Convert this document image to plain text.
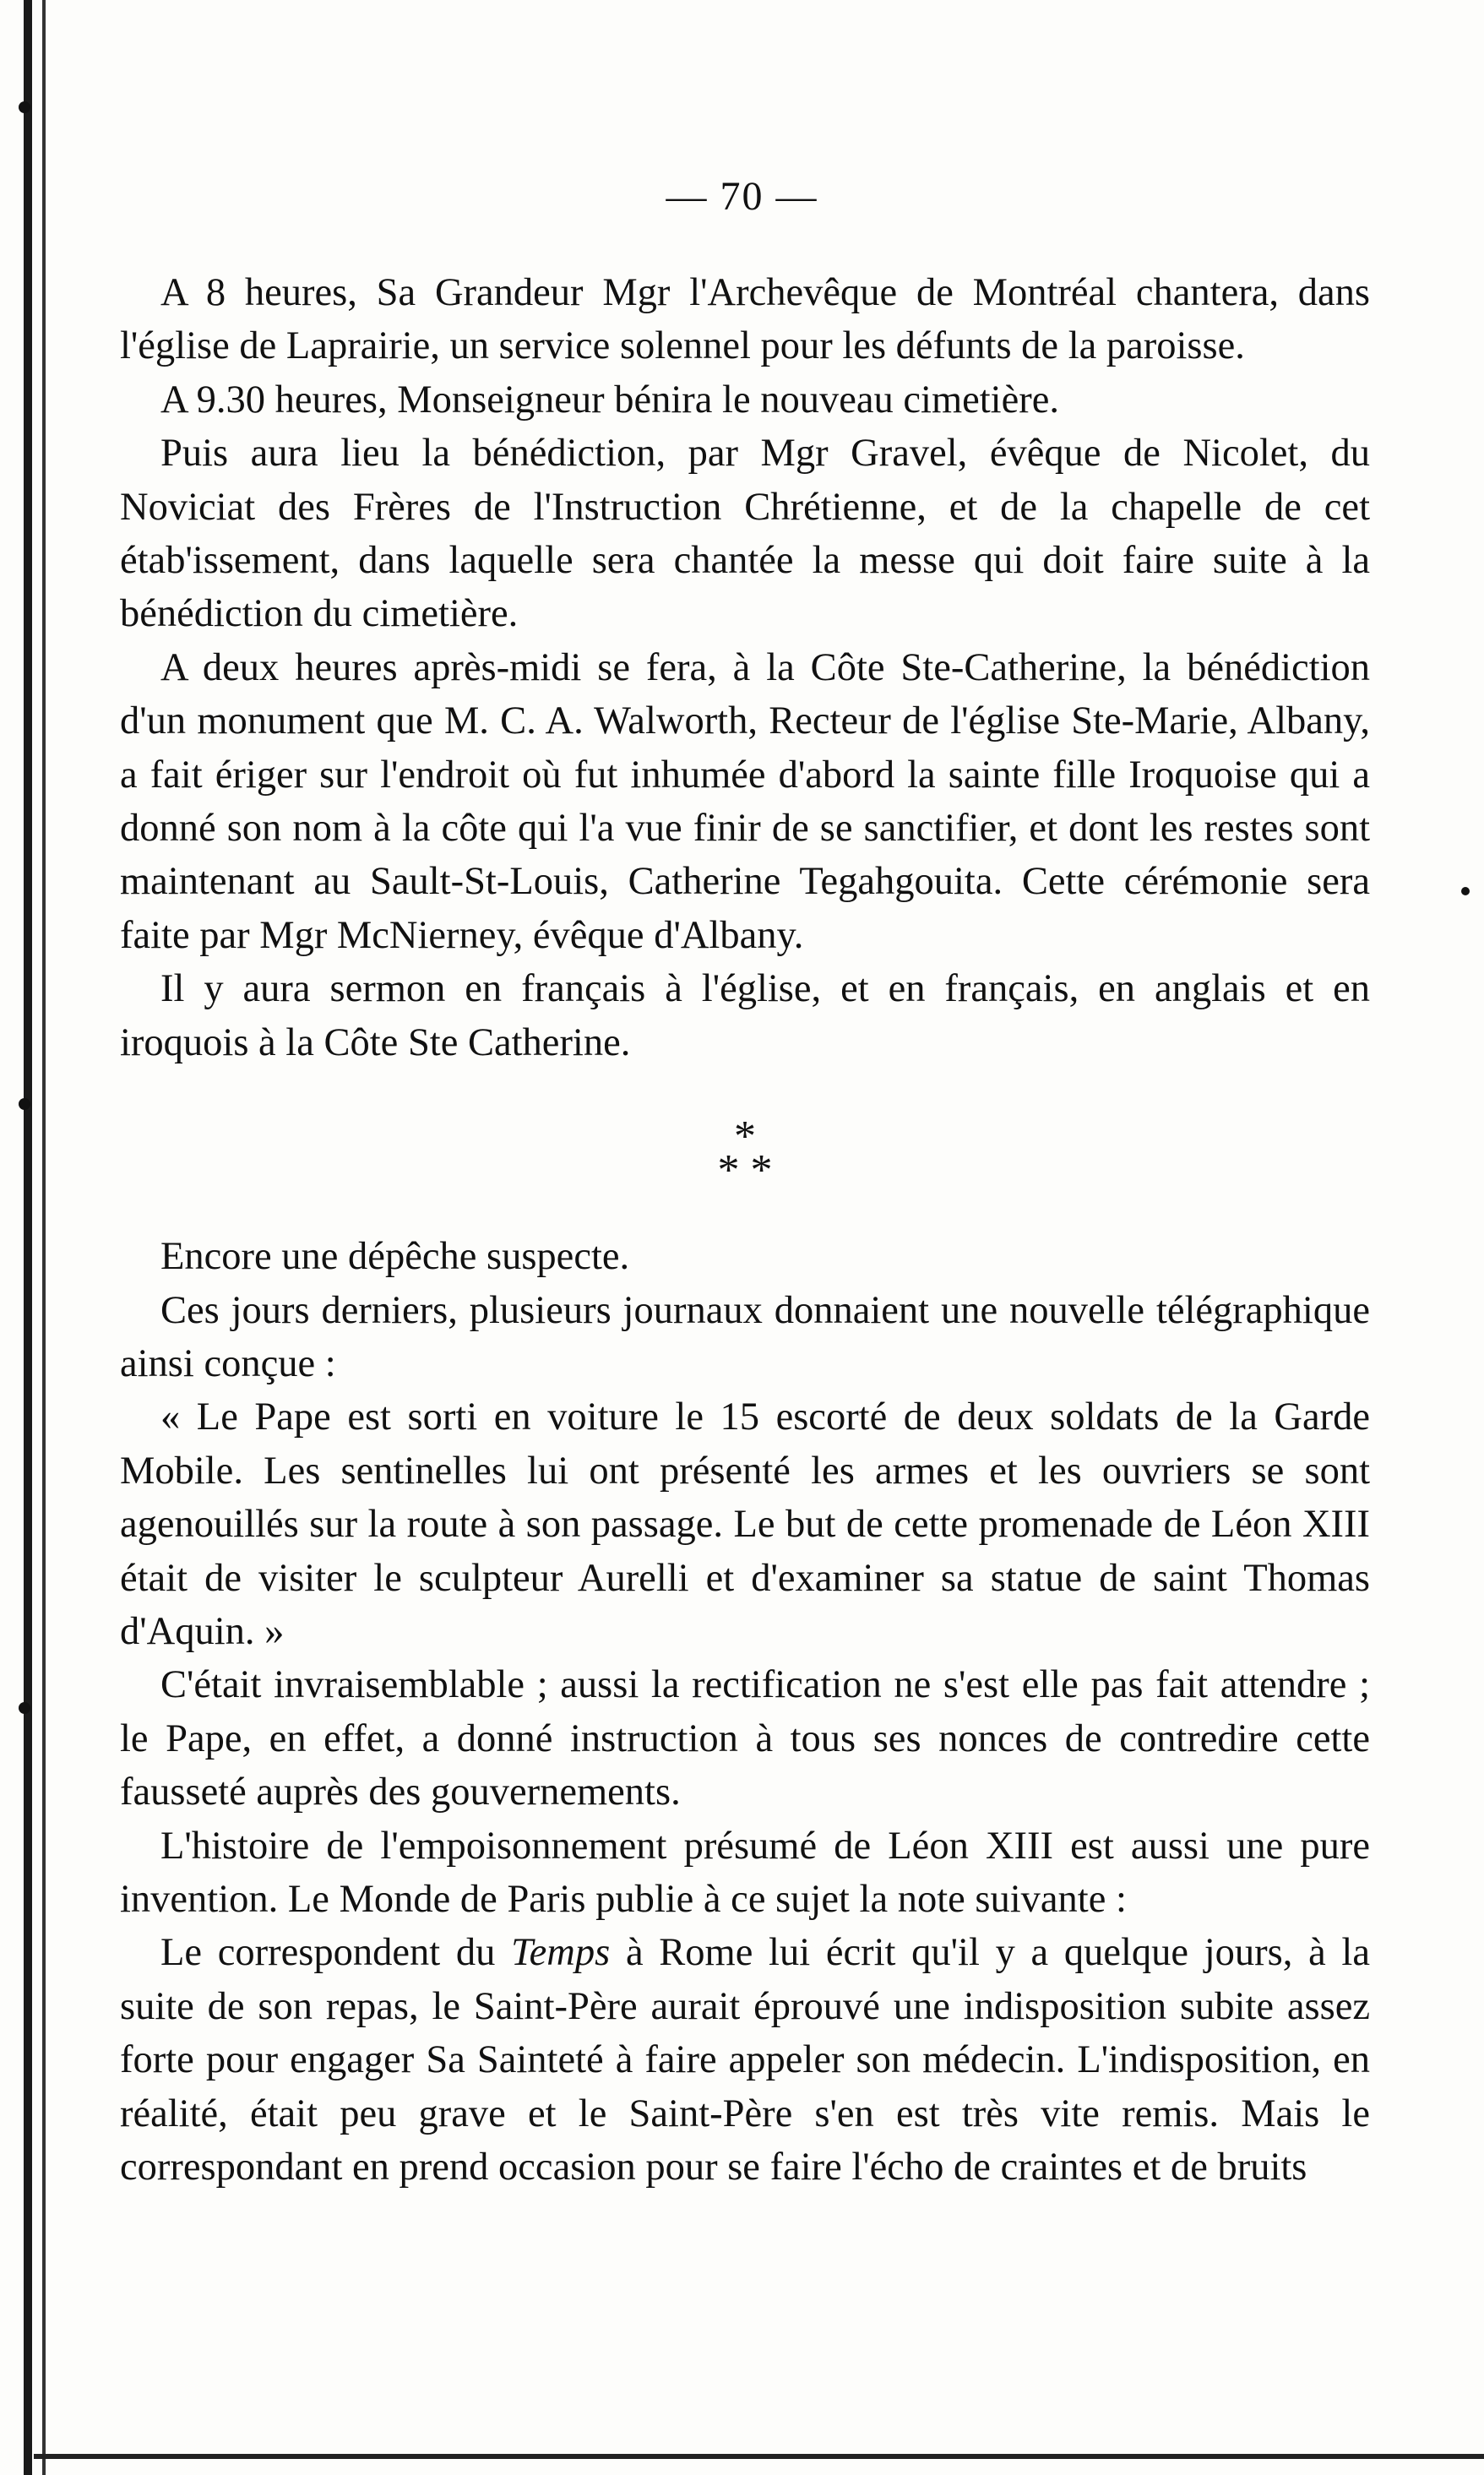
— 70 —

A 8 heures, Sa Grandeur Mgr l'Archevêque de Montréal chantera, dans l'église de Laprairie, un service solennel pour les défunts de la paroisse.

A 9.30 heures, Monseigneur bénira le nouveau cimetière.

Puis aura lieu la bénédiction, par Mgr Gravel, évêque de Nicolet, du Noviciat des Frères de l'Instruction Chrétienne, et de la chapelle de cet étab'issement, dans laquelle sera chantée la messe qui doit faire suite à la bénédiction du cimetière.

A deux heures après-midi se fera, à la Côte Ste-Catherine, la bénédiction d'un monument que M. C. A. Walworth, Recteur de l'église Ste-Marie, Albany, a fait ériger sur l'endroit où fut inhumée d'abord la sainte fille Iroquoise qui a donné son nom à la côte qui l'a vue finir de se sanctifier, et dont les restes sont maintenant au Sault-St-Louis, Catherine Tegahgouita. Cette cérémonie sera faite par Mgr McNierney, évêque d'Albany.

Il y aura sermon en français à l'église, et en français, en anglais et en iroquois à la Côte Ste Catherine.

*
* *

Encore une dépêche suspecte.

Ces jours derniers, plusieurs journaux donnaient une nouvelle télégraphique ainsi conçue :

« Le Pape est sorti en voiture le 15 escorté de deux soldats de la Garde Mobile. Les sentinelles lui ont présenté les armes et les ouvriers se sont agenouillés sur la route à son passage. Le but de cette promenade de Léon XIII était de visiter le sculpteur Aurelli et d'examiner sa statue de saint Thomas d'Aquin. »

C'était invraisemblable ; aussi la rectification ne s'est elle pas fait attendre ; le Pape, en effet, a donné instruction à tous ses nonces de contredire cette fausseté auprès des gouvernements.

L'histoire de l'empoisonnement présumé de Léon XIII est aussi une pure invention. Le Monde de Paris publie à ce sujet la note suivante :

Le correspondent du Temps à Rome lui écrit qu'il y a quelque jours, à la suite de son repas, le Saint-Père aurait éprouvé une indisposition subite assez forte pour engager Sa Sainteté à faire appeler son médecin. L'indisposition, en réalité, était peu grave et le Saint-Père s'en est très vite remis. Mais le correspondant en prend occasion pour se faire l'écho de craintes et de bruits
